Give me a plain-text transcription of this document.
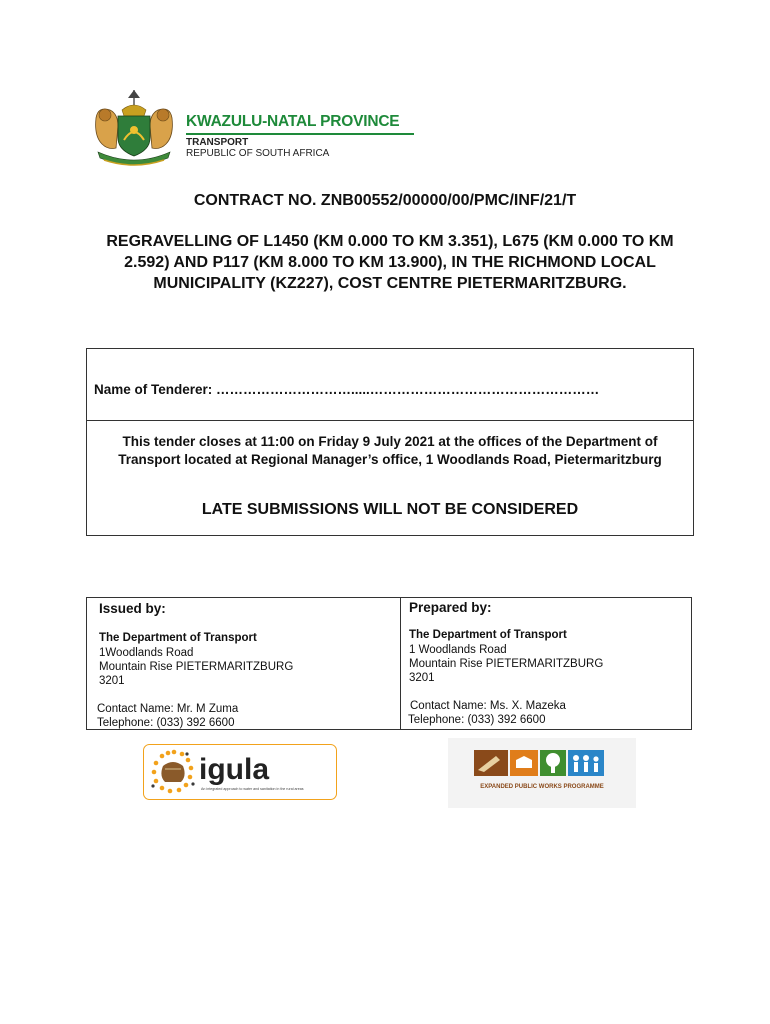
KWAZULU-NATAL PROVINCE
TRANSPORT
REPUBLIC OF SOUTH AFRICA
CONTRACT NO. ZNB00552/00000/00/PMC/INF/21/T
REGRAVELLING OF L1450 (KM 0.000 TO KM 3.351), L675 (KM 0.000 TO KM 2.592) AND P117 (KM 8.000 TO KM 13.900), IN THE RICHMOND LOCAL MUNICIPALITY (KZ227), COST CENTRE PIETERMARITZBURG.
Name of Tenderer: ………………………….....……………………………………………
This tender closes at 11:00 on Friday 9 July 2021 at the offices of the Department of Transport located at Regional Manager’s office, 1 Woodlands Road, Pietermaritzburg
LATE SUBMISSIONS WILL NOT BE CONSIDERED
Issued by:
The Department of Transport
1Woodlands Road
Mountain Rise PIETERMARITZBURG
3201
Contact Name: Mr. M Zuma
Telephone: (033) 392 6600
Prepared by:
The Department of Transport
1 Woodlands Road
Mountain Rise PIETERMARITZBURG
3201
Contact Name: Ms. X. Mazeka
Telephone: (033) 392 6600
igula
An integrated approach to water and sanitation in the rural areas	EXPANDED PUBLIC WORKS PROGRAMME
